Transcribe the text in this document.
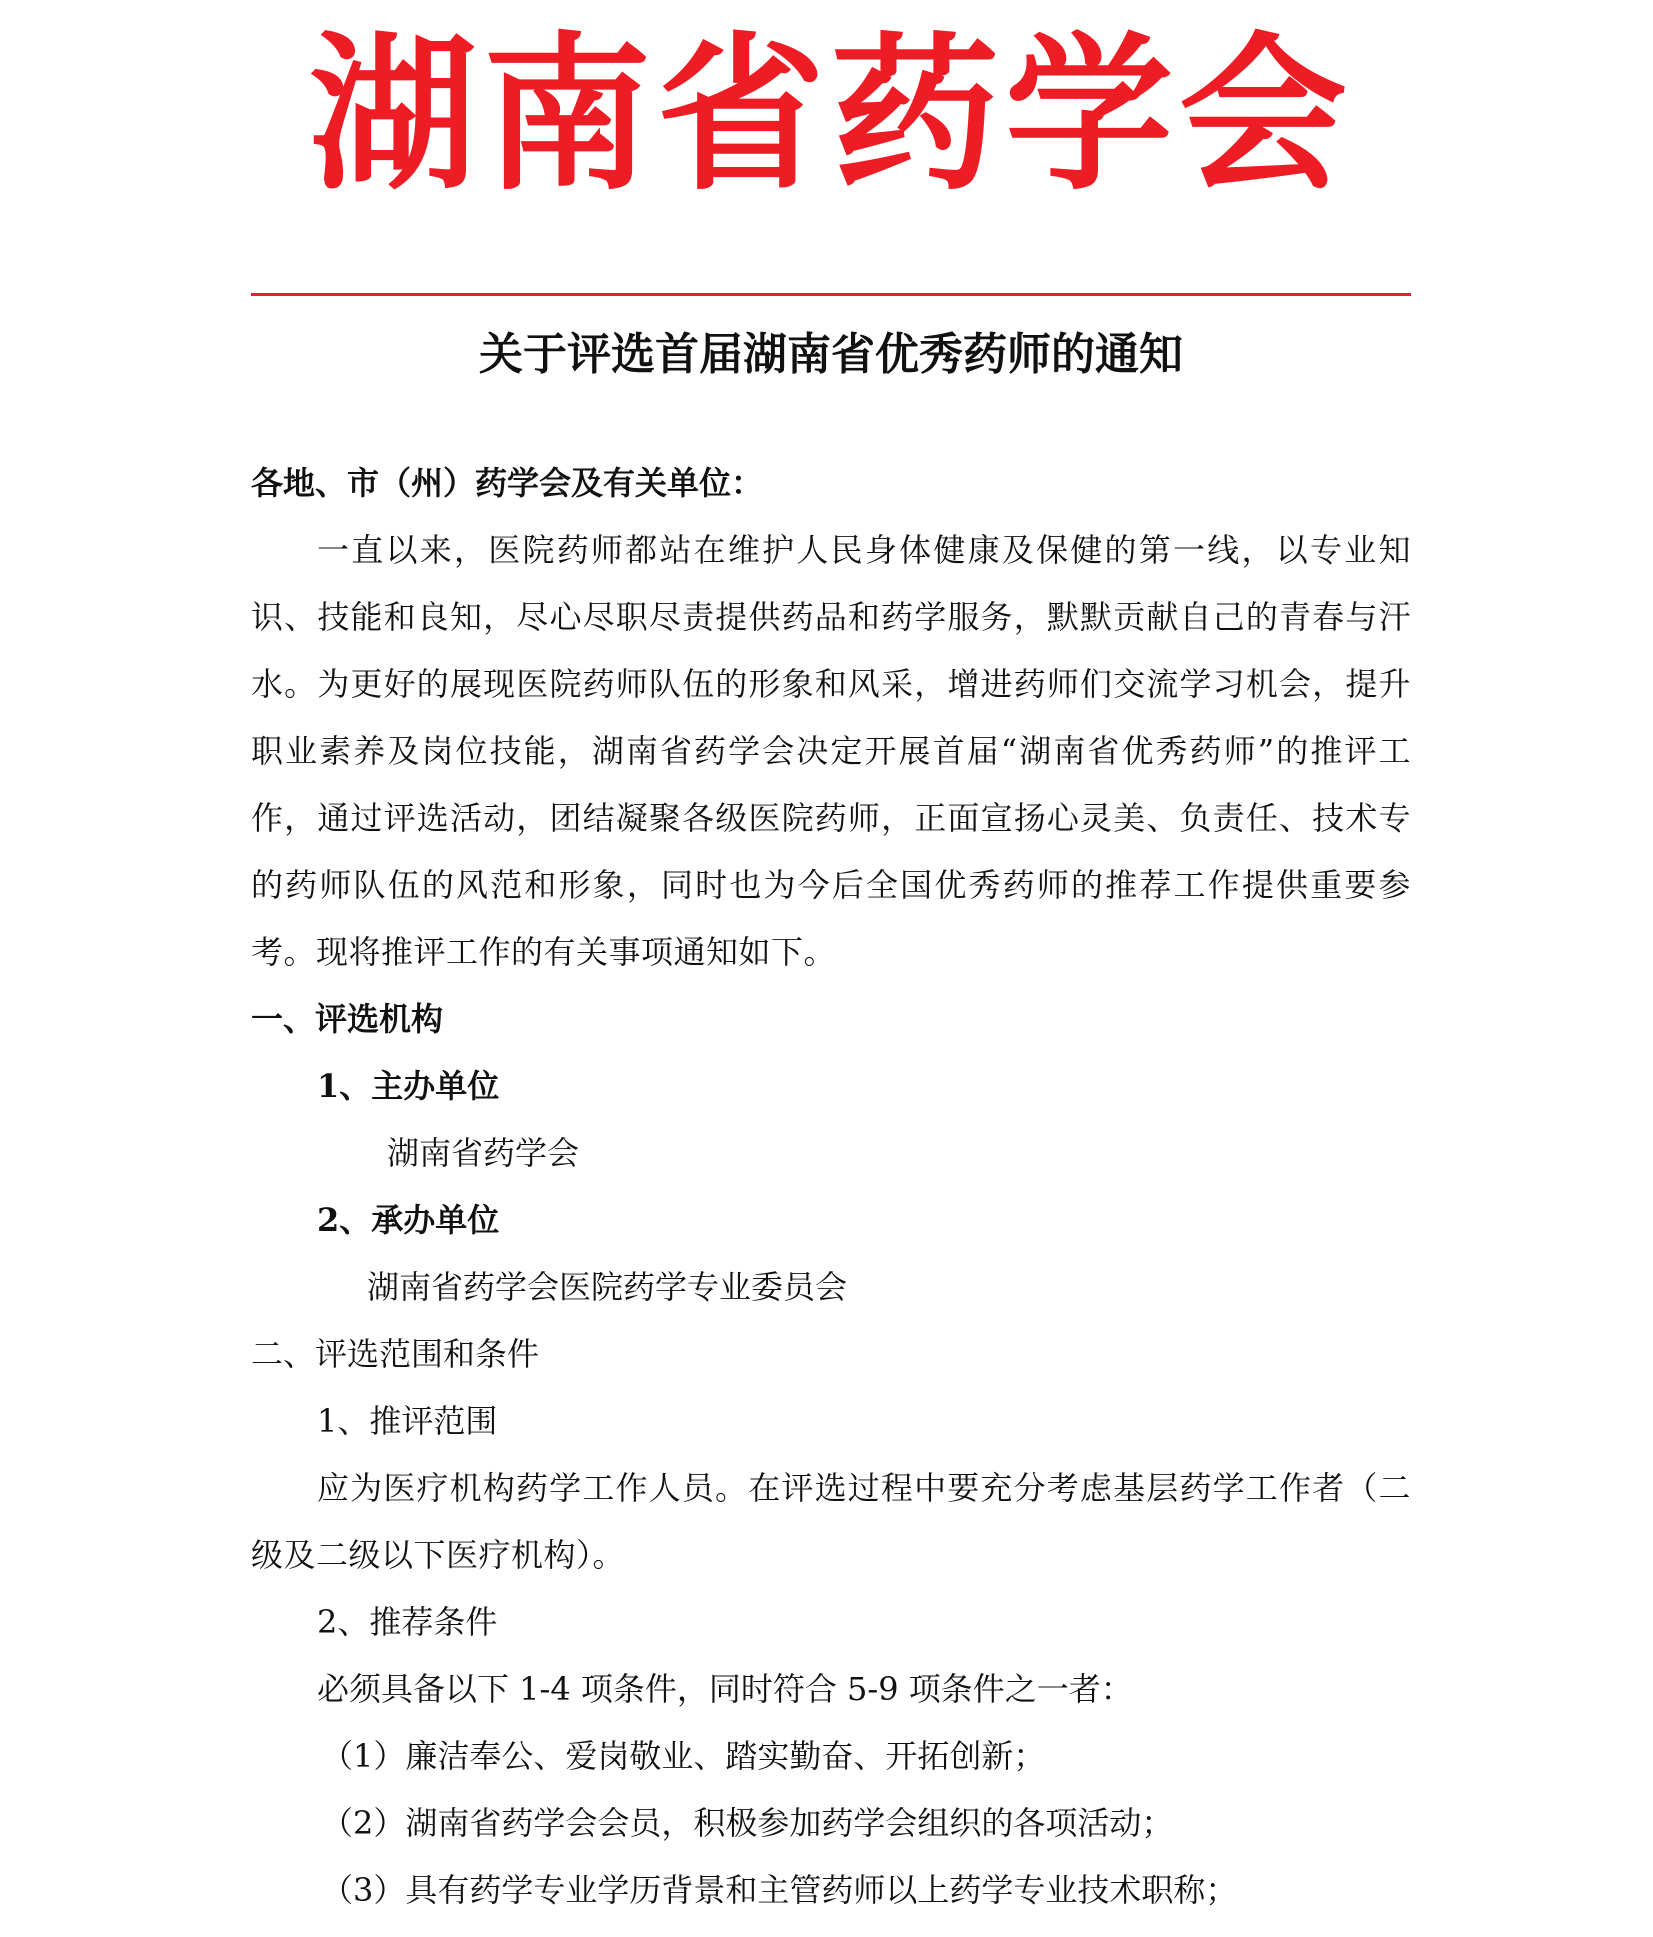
湖南省药学会
关于评选首届湖南省优秀药师的通知

各地、市（州）药学会及有关单位：

一直以来，医院药师都站在维护人民身体健康及保健的第一线，以专业知识、技能和良知，尽心尽职尽责提供药品和药学服务，默默贡献自己的青春与汗水。为更好的展现医院药师队伍的形象和风采，增进药师们交流学习机会，提升职业素养及岗位技能，湖南省药学会决定开展首届“湖南省优秀药师”的推评工作，通过评选活动，团结凝聚各级医院药师，正面宣扬心灵美、负责任、技术专的药师队伍的风范和形象，同时也为今后全国优秀药师的推荐工作提供重要参考。现将推评工作的有关事项通知如下。

一、评选机构

1、主办单位

湖南省药学会

2、承办单位

湖南省药学会医院药学专业委员会

二、评选范围和条件

1、推评范围

应为医疗机构药学工作人员。在评选过程中要充分考虑基层药学工作者（二级及二级以下医疗机构）。

2、推荐条件

必须具备以下 1-4 项条件，同时符合 5-9 项条件之一者：

（1）廉洁奉公、爱岗敬业、踏实勤奋、开拓创新；

（2）湖南省药学会会员，积极参加药学会组织的各项活动；

（3）具有药学专业学历背景和主管药师以上药学专业技术职称；
